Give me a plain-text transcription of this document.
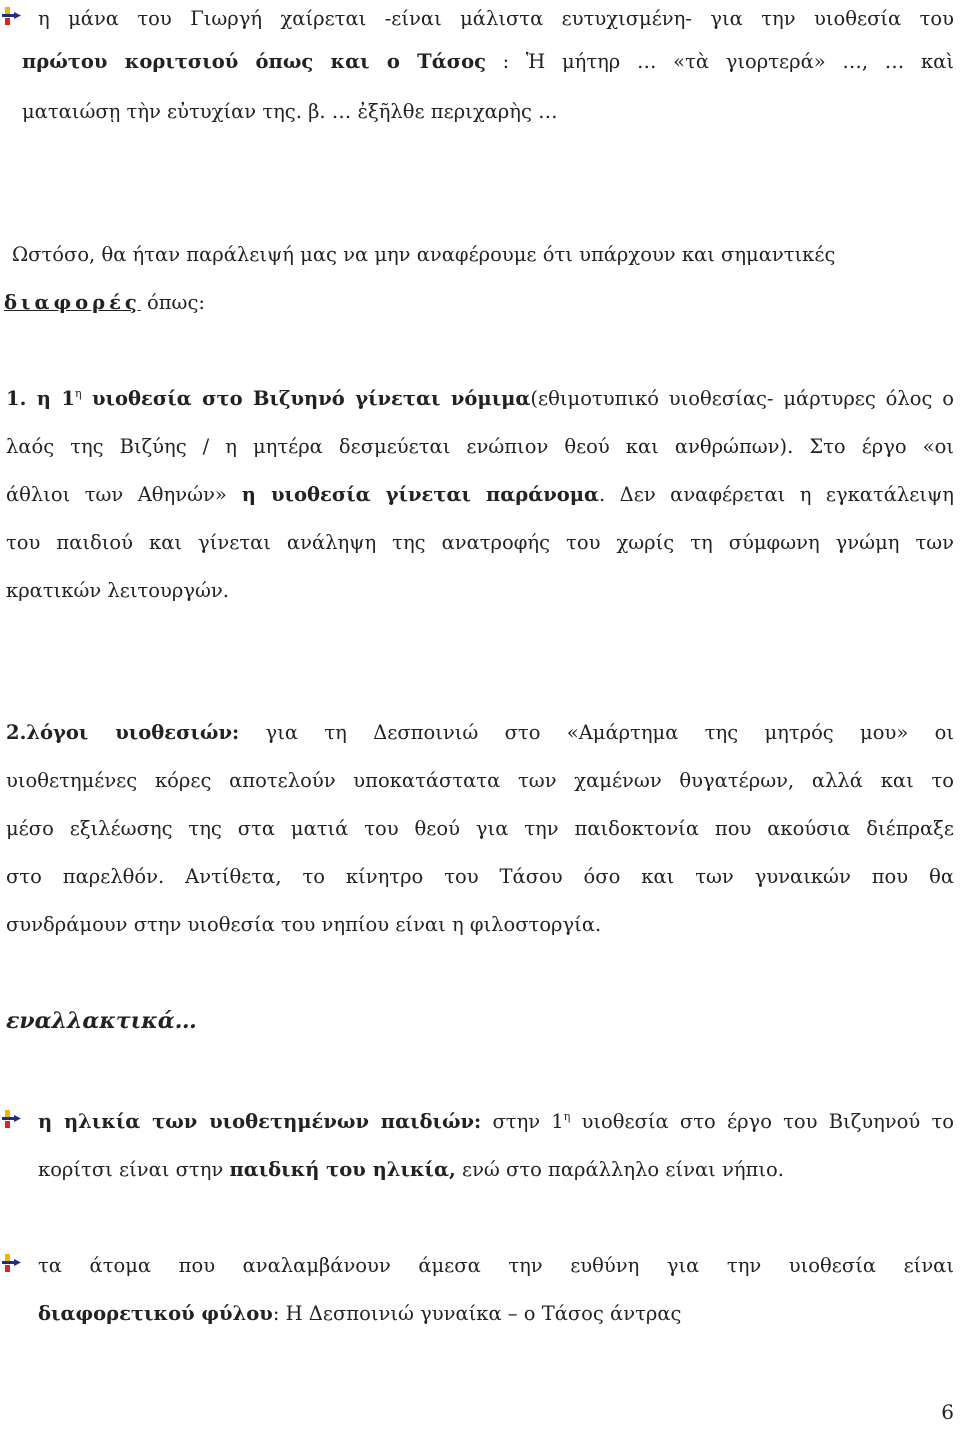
η μάνα του Γιωργή χαίρεται -είναι μάλιστα ευτυχισμένη- για την υιοθεσία του
πρώτου κοριτσιού όπως και ο Τάσος : Ἡ μήτηρ … «τὰ γιορτερά» …, … καὶ
ματαιώσῃ τὴν εὐτυχίαν της. β. … ἐξῆλθε περιχαρὴς …
Ωστόσο, θα ήταν παράλειψή μας να μην αναφέρουμε ότι υπάρχουν και σημαντικές
διαφορές όπως:
1. η $1^\eta$ υιοθεσία στο Βιζυηνό γίνεται νόμιμα(εθιμοτυπικό υιοθεσίας- μάρτυρες όλος ο
λαός της Βιζύης / η μητέρα δεσμεύεται ενώπιον θεού και ανθρώπων). Στο έργο «οι
άθλιοι των Αθηνών» η υιοθεσία γίνεται παράνομα. Δεν αναφέρεται η εγκατάλειψη
του παιδιού και γίνεται ανάληψη της ανατροφής του χωρίς τη σύμφωνη γνώμη των
κρατικών λειτουργών.
2.λόγοι υιοθεσιών: για τη Δεσποινιώ στο «Αμάρτημα της μητρός μου» οι
υιοθετημένες κόρες αποτελούν υποκατάστατα των χαμένων θυγατέρων, αλλά και το
μέσο εξιλέωσης της στα ματιά του θεού για την παιδοκτονία που ακούσια διέπραξε
στο παρελθόν. Αντίθετα, το κίνητρο του Τάσου όσο και των γυναικών που θα
συνδράμουν στην υιοθεσία του νηπίου είναι η φιλοστοργία.
εναλλακτικά…
η ηλικία των υιοθετημένων παιδιών: στην $1^\eta$ υιοθεσία στο έργο του Βιζυηνού το
κορίτσι είναι στην παιδική του ηλικία, ενώ στο παράλληλο είναι νήπιο.
τα άτομα που αναλαμβάνουν άμεσα την ευθύνη για την υιοθεσία είναι
διαφορετικού φύλου: Η Δεσποινιώ γυναίκα – ο Τάσος άντρας
6
